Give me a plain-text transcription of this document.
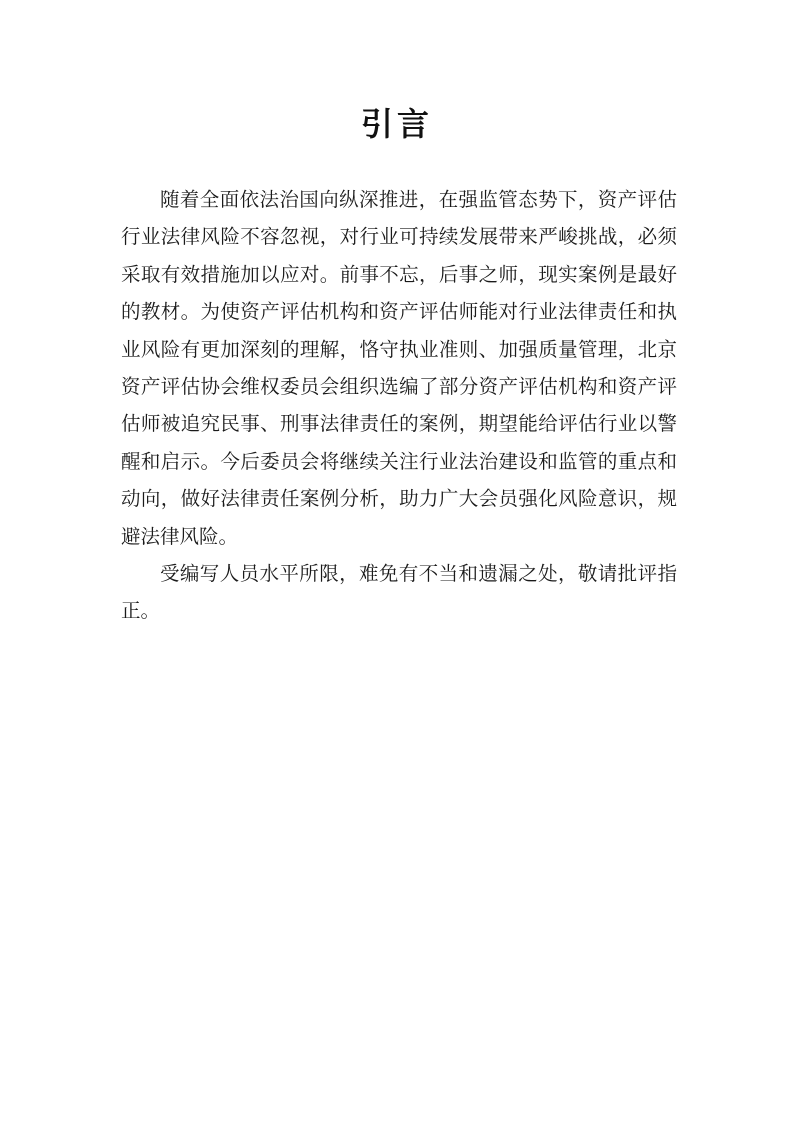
引言

随着全面依法治国向纵深推进，在强监管态势下，资产评估行业法律风险不容忽视，对行业可持续发展带来严峻挑战，必须采取有效措施加以应对。前事不忘，后事之师，现实案例是最好的教材。为使资产评估机构和资产评估师能对行业法律责任和执业风险有更加深刻的理解，恪守执业准则、加强质量管理，北京资产评估协会维权委员会组织选编了部分资产评估机构和资产评估师被追究民事、刑事法律责任的案例，期望能给评估行业以警醒和启示。今后委员会将继续关注行业法治建设和监管的重点和动向，做好法律责任案例分析，助力广大会员强化风险意识，规避法律风险。

受编写人员水平所限，难免有不当和遗漏之处，敬请批评指正。
